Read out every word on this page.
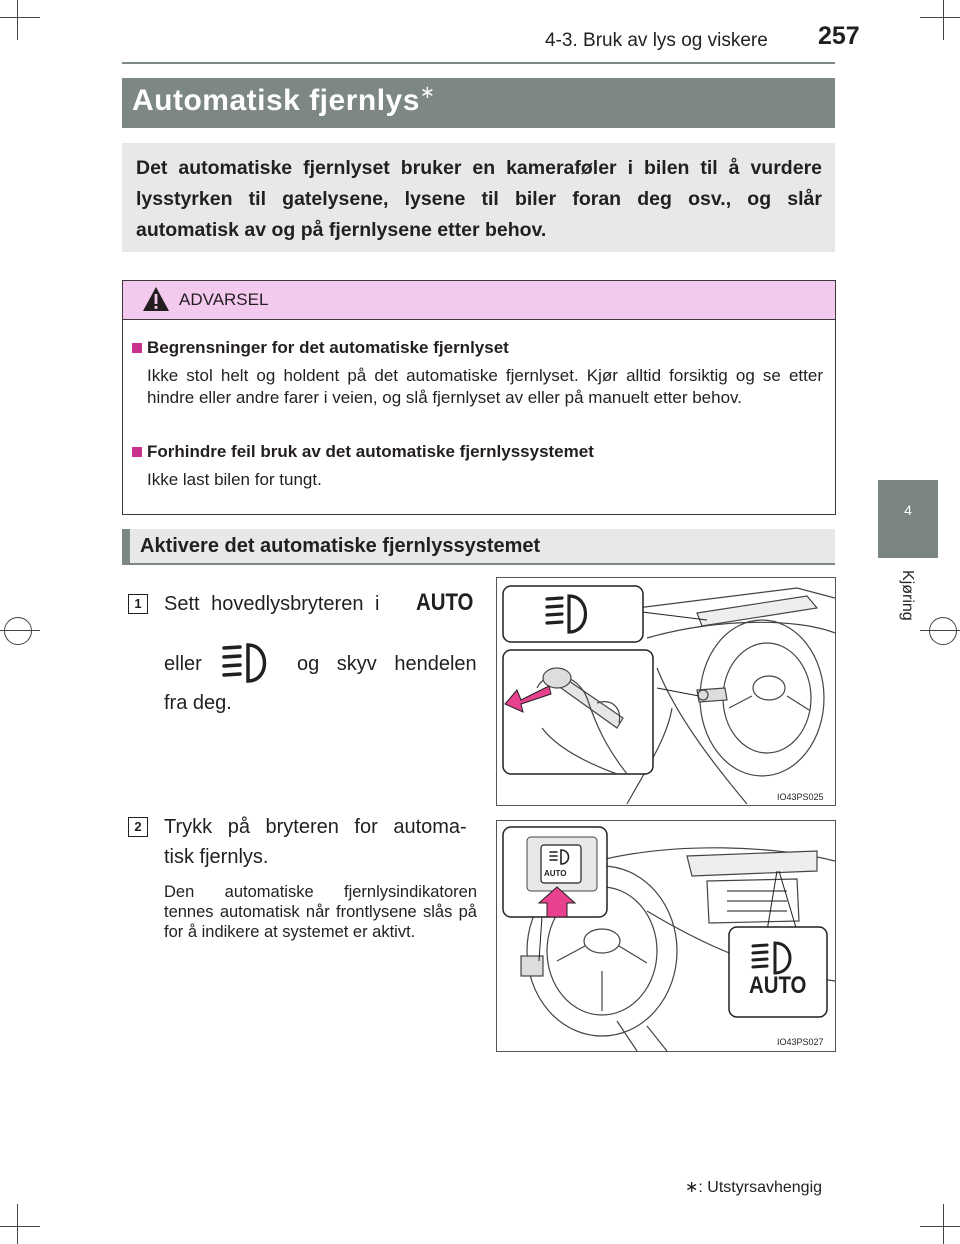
4-3. Bruk av lys og viskere 257
4
Kjøring
Automatisk fjernlys∗
Det automatiske fjernlyset bruker en kameraføler i bilen til å vurdere lysstyrken til gatelysene, lysene til biler foran deg osv., og slår automatisk av og på fjernlysene etter behov.
ADVARSEL
Begrensninger for det automatiske fjernlyset
Ikke stol helt og holdent på det automatiske fjernlyset. Kjør alltid forsiktig og se etter hindre eller andre farer i veien, og slå fjernlyset av eller på manuelt etter behov.
Forhindre feil bruk av det automatiske fjernlyssystemet
Ikke last bilen for tungt.
Aktivere det automatiske fjernlyssystemet
1	Sett hovedlysbryteren i AUTO
eller	og skyv hendelen
fra deg.
IO43PS025
2	Trykk på bryteren for automa-
tisk fjernlys.
Den automatiske fjernlysindikatoren tennes automatisk når frontlysene slås på for å indikere at systemet er aktivt.
AUTO
AUTO
IO43PS027
∗: Utstyrsavhengig
